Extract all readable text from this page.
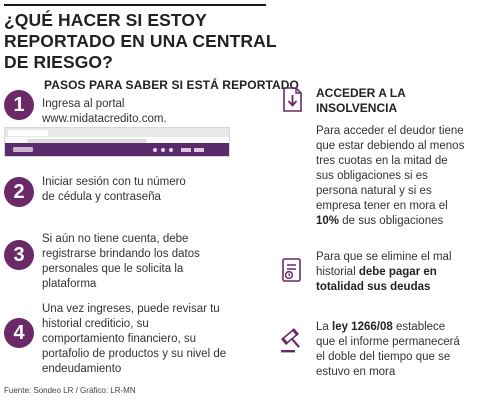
¿QUÉ HACER SI ESTOY REPORTADO EN UNA CENTRAL DE RIESGO?
PASOS PARA SABER SI ESTÁ REPORTADO
1	Ingresa al portal www.midatacredito.com.
2	Iniciar sesión con tu número de cédula y contraseña
3
Si aún no tiene cuenta, debe registrarse brindando los datos personales que le solicita la plataforma
4
Una vez ingreses, puede revisar tu historial crediticio, su comportamiento financiero, su portafolio de productos y su nivel de endeudamiento
ACCEDER A LA INSOLVENCIA
Para acceder el deudor tiene que estar debiendo al menos tres cuotas en la mitad de sus obligaciones si es persona natural y si es empresa tener en mora el 10% de sus obligaciones
Para que se elimine el mal historial debe pagar en totalidad sus deudas
La ley 1266/08 establece que el informe permanecerá el doble del tiempo que se estuvo en mora
Fuente: Sondeo LR / Gráfico: LR-MN
